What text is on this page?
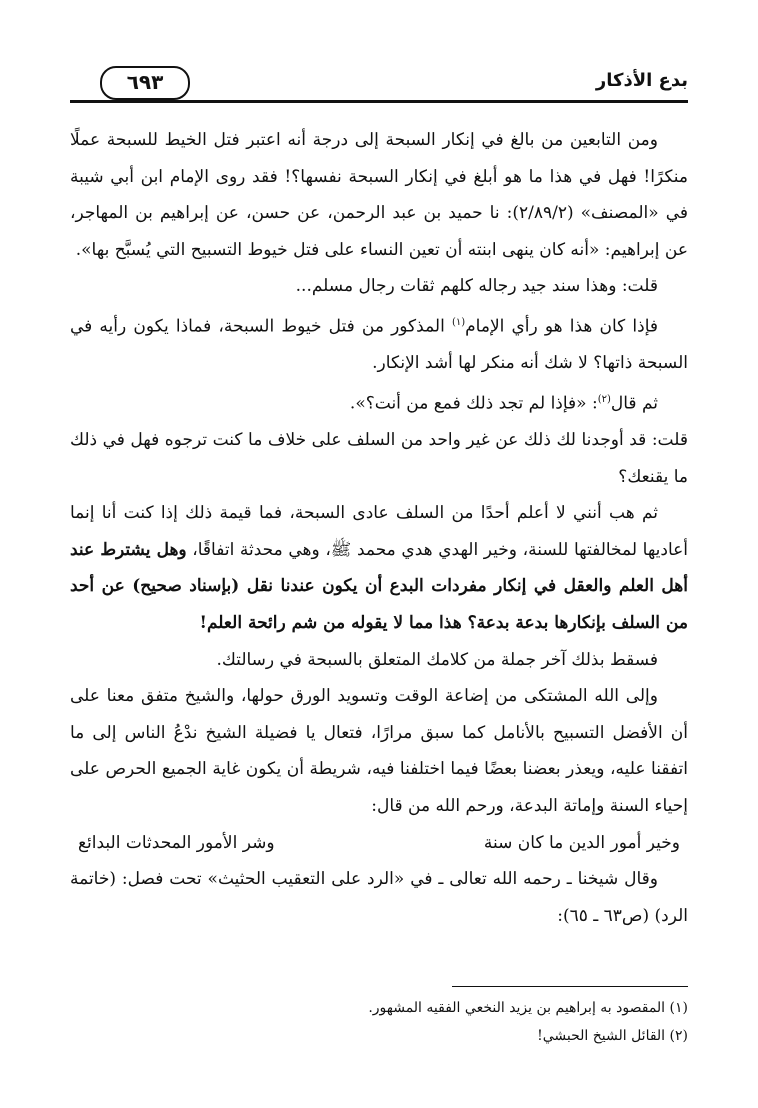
بدع الأذكار
٦٩٣

ومن التابعين من بالغ في إنكار السبحة إلى درجة أنه اعتبر فتل الخيط للسبحة عملًا منكرًا! فهل في هذا ما هو أبلغ في إنكار السبحة نفسها؟! فقد روى الإمام ابن أبي شيبة في «المصنف» (٢/٨٩/٢): نا حميد بن عبد الرحمن، عن حسن، عن إبراهيم بن المهاجر، عن إبراهيم: «أنه كان ينهى ابنته أن تعين النساء على فتل خيوط التسبيح التي يُسبَّح بها».

قلت: وهذا سند جيد رجاله كلهم ثقات رجال مسلم...

فإذا كان هذا هو رأي الإمام$^{(١)}$ المذكور من فتل خيوط السبحة، فماذا يكون رأيه في السبحة ذاتها؟ لا شك أنه منكر لها أشد الإنكار.

ثم قال$^{(٢)}$: «فإذا لم تجد ذلك فمع من أنت؟».

قلت: قد أوجدنا لك ذلك عن غير واحد من السلف على خلاف ما كنت ترجوه فهل في ذلك ما يقنعك؟

ثم هب أنني لا أعلم أحدًا من السلف عادى السبحة، فما قيمة ذلك إذا كنت أنا إنما أعاديها لمخالفتها للسنة، وخير الهدي هدي محمد ﷺ، وهي محدثة اتفاقًا، وهل يشترط عند أهل العلم والعقل في إنكار مفردات البدع أن يكون عندنا نقل (بإسناد صحيح) عن أحد من السلف بإنكارها بدعة بدعة؟ هذا مما لا يقوله من شم رائحة العلم!

فسقط بذلك آخر جملة من كلامك المتعلق بالسبحة في رسالتك.

وإلى الله المشتكى من إضاعة الوقت وتسويد الورق حولها، والشيخ متفق معنا على أن الأفضل التسبيح بالأنامل كما سبق مرارًا، فتعال يا فضيلة الشيخ ندْعُ الناس إلى ما اتفقنا عليه، ويعذر بعضنا بعضًا فيما اختلفنا فيه، شريطة أن يكون غاية الجميع الحرص على إحياء السنة وإماتة البدعة، ورحم الله من قال:

وخير أمور الدين ما كان سنة
وشر الأمور المحدثات البدائع

وقال شيخنا ـ رحمه الله تعالى ـ في «الرد على التعقيب الحثيث» تحت فصل: (خاتمة الرد) (ص٦٣ ـ ٦٥):

(١) المقصود به إبراهيم بن يزيد النخعي الفقيه المشهور.

(٢) القائل الشيخ الحبشي!
